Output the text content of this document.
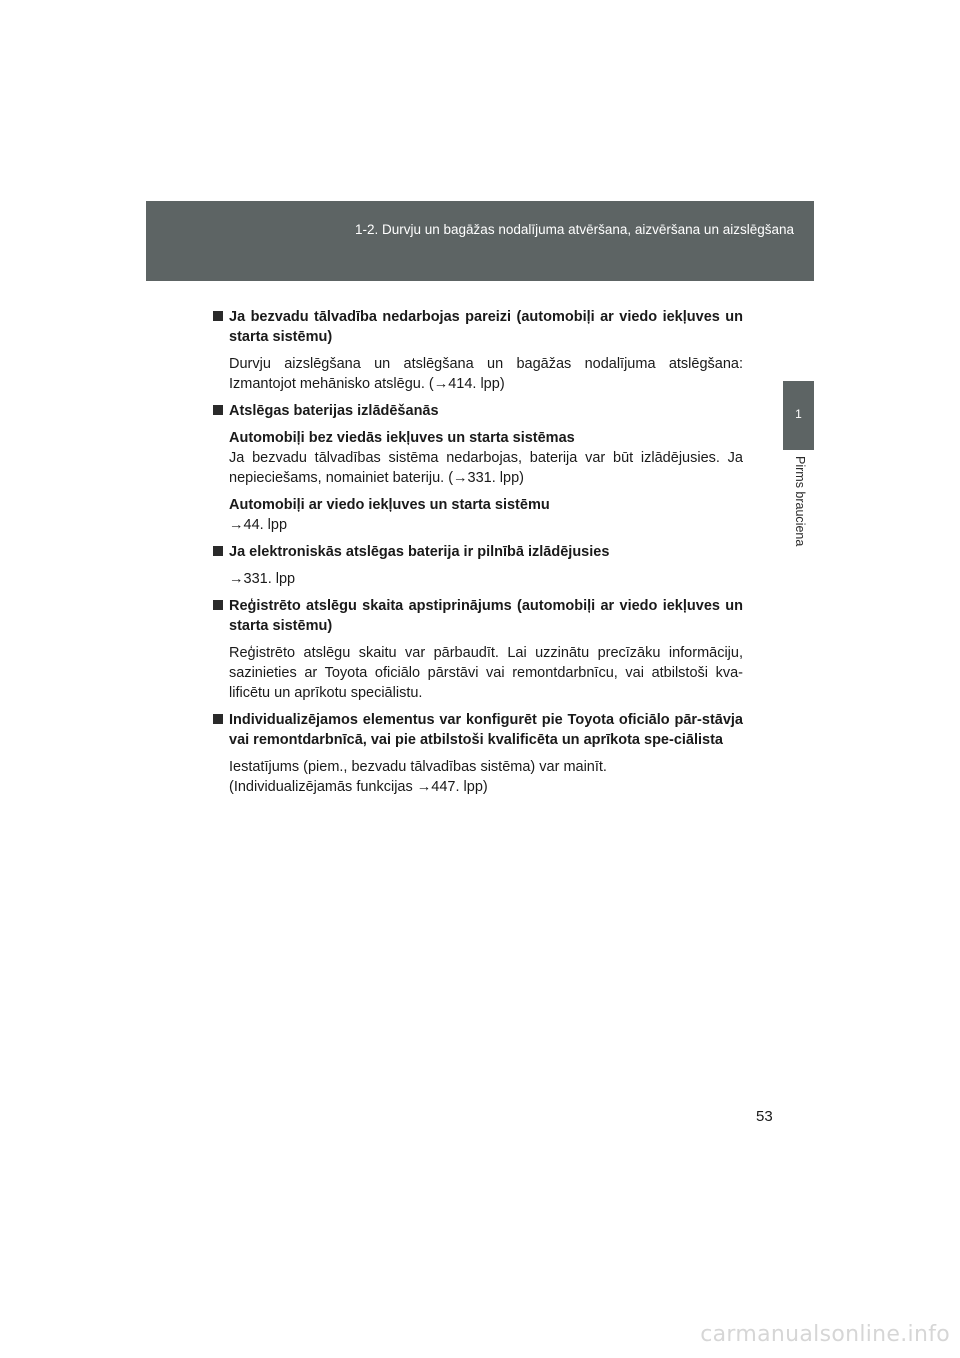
1-2. Durvju un bagāžas nodalījuma atvēršana, aizvēršana un aizslēgšana
1
Pirms brauciena
Ja bezvadu tālvadība nedarbojas pareizi (automobiļi ar viedo iekļuves un starta sistēmu)
Durvju aizslēgšana un atslēgšana un bagāžas nodalījuma atslēgšana: Izmantojot mehānisko atslēgu. (→414. lpp)
Atslēgas baterijas izlādēšanās
Automobiļi bez viedās iekļuves un starta sistēmas
Ja bezvadu tālvadības sistēma nedarbojas, baterija var būt izlādējusies. Ja nepieciešams, nomainiet bateriju. (→331. lpp)
Automobiļi ar viedo iekļuves un starta sistēmu
→44. lpp
Ja elektroniskās atslēgas baterija ir pilnībā izlādējusies
→331. lpp
Reģistrēto atslēgu skaita apstiprinājums (automobiļi ar viedo iekļuves un starta sistēmu)
Reģistrēto atslēgu skaitu var pārbaudīt. Lai uzzinātu precīzāku informāciju, sazinieties ar Toyota oficiālo pārstāvi vai remontdarbnīcu, vai atbilstoši kva-lificētu un aprīkotu speciālistu.
Individualizējamos elementus var konfigurēt pie Toyota oficiālo pār-stāvja vai remontdarbnīcā, vai pie atbilstoši kvalificēta un aprīkota spe-ciālista
Iestatījums (piem., bezvadu tālvadības sistēma) var mainīt.
(Individualizējamās funkcijas →447. lpp)
53
carmanualsonline.info
